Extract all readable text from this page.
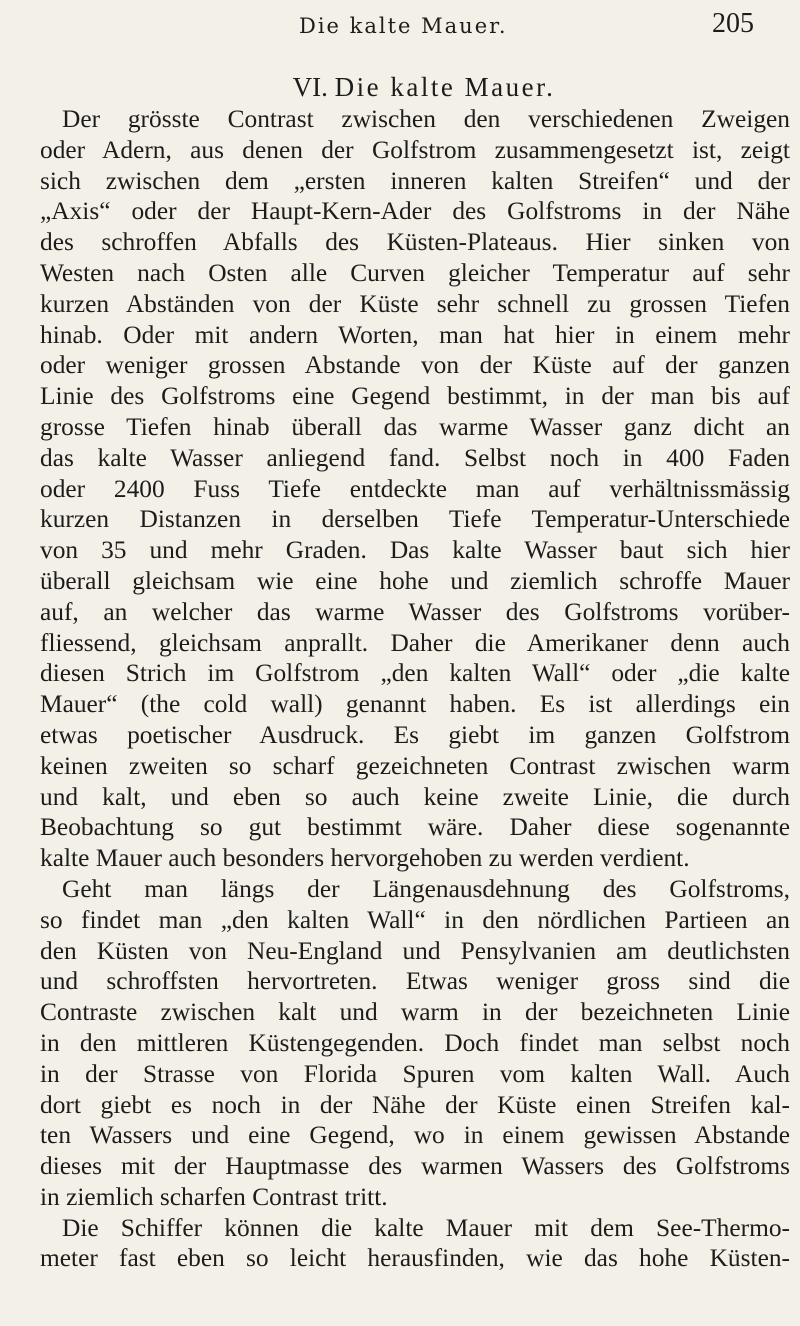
Die kalte Mauer.	205
VI. Die kalte Mauer.
Der grösste Contrast zwischen den verschiedenen Zweigen
oder Adern, aus denen der Golfstrom zusammengesetzt ist, zeigt
sich zwischen dem „ersten inneren kalten Streifen“ und der
„Axis“ oder der Haupt-Kern-Ader des Golfstroms in der Nähe
des schroffen Abfalls des Küsten-Plateaus. Hier sinken von
Westen nach Osten alle Curven gleicher Temperatur auf sehr
kurzen Abständen von der Küste sehr schnell zu grossen Tiefen
hinab. Oder mit andern Worten, man hat hier in einem mehr
oder weniger grossen Abstande von der Küste auf der ganzen
Linie des Golfstroms eine Gegend bestimmt, in der man bis auf
grosse Tiefen hinab überall das warme Wasser ganz dicht an
das kalte Wasser anliegend fand. Selbst noch in 400 Faden
oder 2400 Fuss Tiefe entdeckte man auf verhältnissmässig
kurzen Distanzen in derselben Tiefe Temperatur-Unterschiede
von 35 und mehr Graden. Das kalte Wasser baut sich hier
überall gleichsam wie eine hohe und ziemlich schroffe Mauer
auf, an welcher das warme Wasser des Golfstroms vorüber-
fliessend, gleichsam anprallt. Daher die Amerikaner denn auch
diesen Strich im Golfstrom „den kalten Wall“ oder „die kalte
Mauer“ (the cold wall) genannt haben. Es ist allerdings ein
etwas poetischer Ausdruck. Es giebt im ganzen Golfstrom
keinen zweiten so scharf gezeichneten Contrast zwischen warm
und kalt, und eben so auch keine zweite Linie, die durch
Beobachtung so gut bestimmt wäre. Daher diese sogenannte
kalte Mauer auch besonders hervorgehoben zu werden verdient.
Geht man längs der Längenausdehnung des Golfstroms,
so findet man „den kalten Wall“ in den nördlichen Partieen an
den Küsten von Neu-England und Pensylvanien am deutlichsten
und schroffsten hervortreten. Etwas weniger gross sind die
Contraste zwischen kalt und warm in der bezeichneten Linie
in den mittleren Küstengegenden. Doch findet man selbst noch
in der Strasse von Florida Spuren vom kalten Wall. Auch
dort giebt es noch in der Nähe der Küste einen Streifen kal-
ten Wassers und eine Gegend, wo in einem gewissen Abstande
dieses mit der Hauptmasse des warmen Wassers des Golfstroms
in ziemlich scharfen Contrast tritt.
Die Schiffer können die kalte Mauer mit dem See-Thermo-
meter fast eben so leicht herausfinden, wie das hohe Küsten-
